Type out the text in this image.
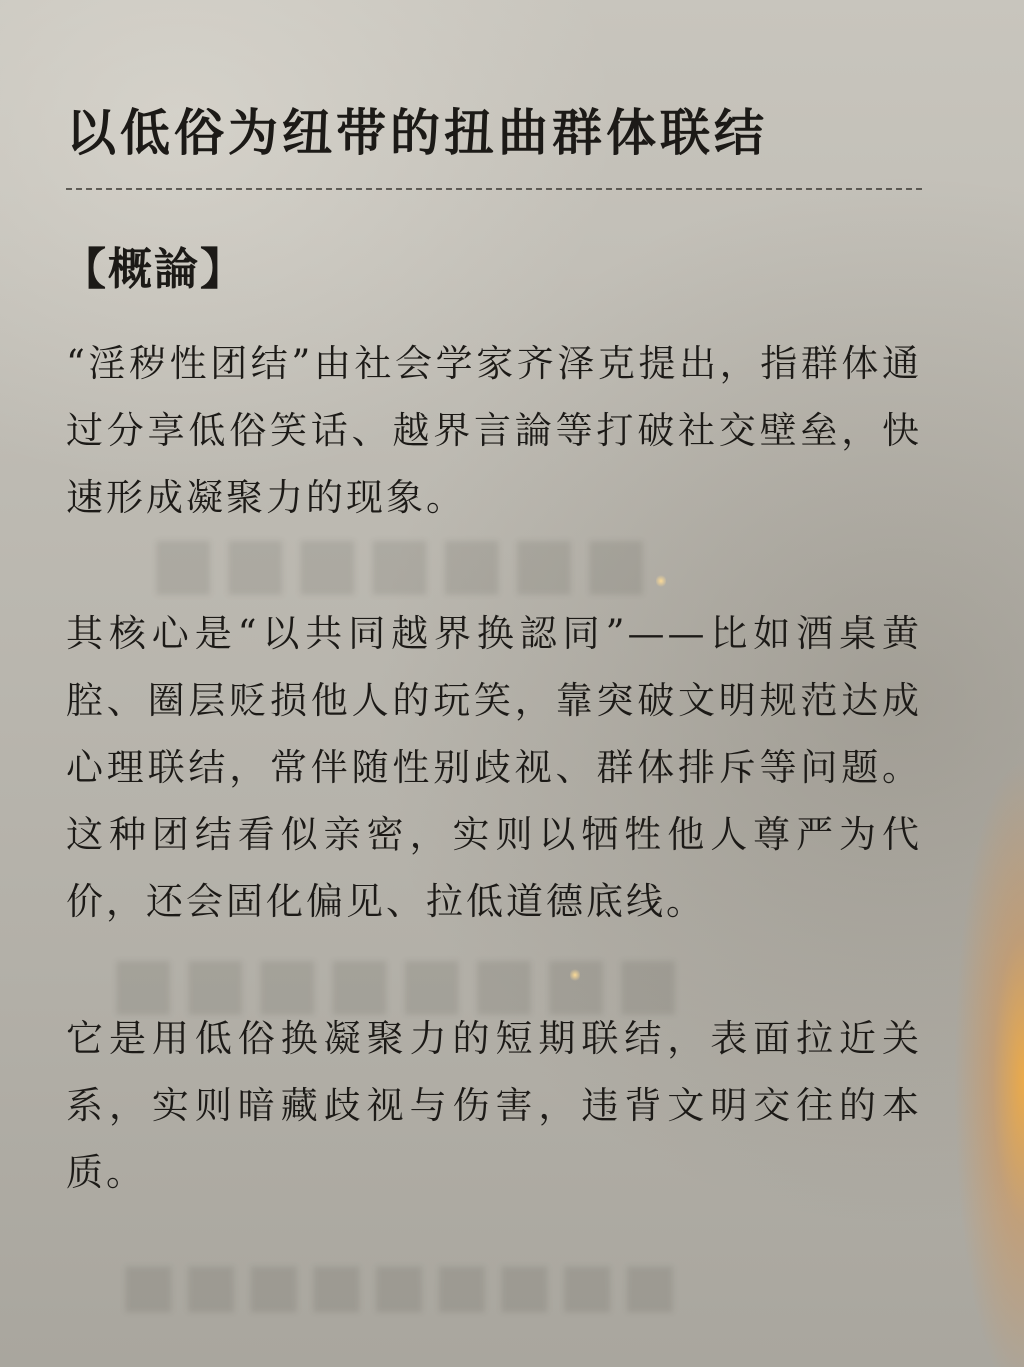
■■■■■■■
■■■■■■■■
■■■■■■■■■
以低俗为纽带的扭曲群体联结
【概論】

“淫秽性团结”由社会学家齐泽克提出，指群体通过分享低俗笑话、越界言論等打破社交壁垒，快速形成凝聚力的现象。

其核心是“以共同越界换認同”——比如酒桌黄腔、圈层贬损他人的玩笑，靠突破文明规范达成心理联结，常伴随性别歧视、群体排斥等问题。这种团结看似亲密，实则以牺牲他人尊严为代价，还会固化偏见、拉低道德底线。

它是用低俗换凝聚力的短期联结，表面拉近关系，实则暗藏歧视与伤害，违背文明交往的本质。
